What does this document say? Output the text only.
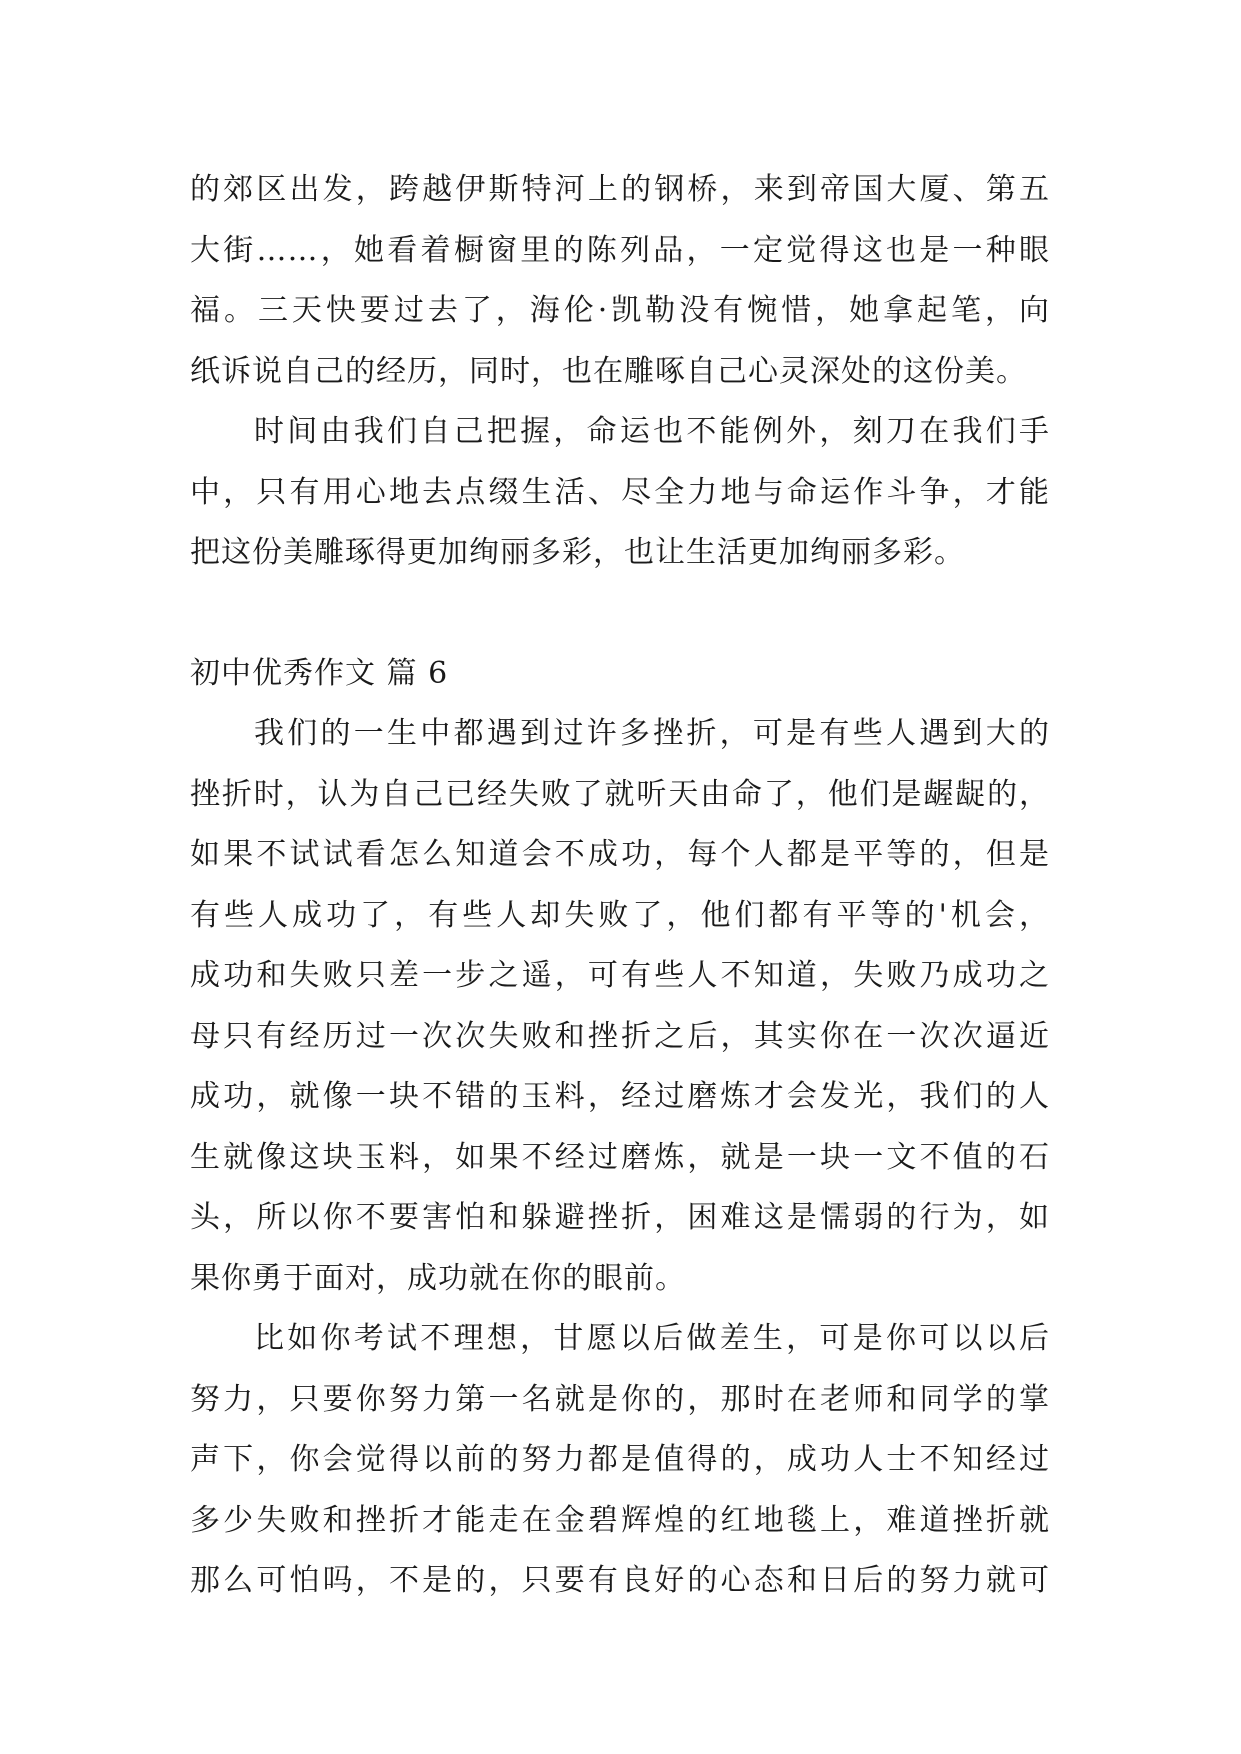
的郊区出发，跨越伊斯特河上的钢桥，来到帝国大厦、第五
大街……，她看着橱窗里的陈列品，一定觉得这也是一种眼
福。三天快要过去了，海伦·凯勒没有惋惜，她拿起笔，向
纸诉说自己的经历，同时，也在雕啄自己心灵深处的这份美。
时间由我们自己把握，命运也不能例外，刻刀在我们手
中，只有用心地去点缀生活、尽全力地与命运作斗争，才能
把这份美雕琢得更加绚丽多彩，也让生活更加绚丽多彩。
初中优秀作文 篇 6
我们的一生中都遇到过许多挫折，可是有些人遇到大的
挫折时，认为自己已经失败了就听天由命了，他们是龌龊的，
如果不试试看怎么知道会不成功，每个人都是平等的，但是
有些人成功了，有些人却失败了，他们都有平等的'机会，
成功和失败只差一步之遥，可有些人不知道，失败乃成功之
母只有经历过一次次失败和挫折之后，其实你在一次次逼近
成功，就像一块不错的玉料，经过磨炼才会发光，我们的人
生就像这块玉料，如果不经过磨炼，就是一块一文不值的石
头，所以你不要害怕和躲避挫折，困难这是懦弱的行为，如
果你勇于面对，成功就在你的眼前。
比如你考试不理想，甘愿以后做差生，可是你可以以后
努力，只要你努力第一名就是你的，那时在老师和同学的掌
声下，你会觉得以前的努力都是值得的，成功人士不知经过
多少失败和挫折才能走在金碧辉煌的红地毯上，难道挫折就
那么可怕吗，不是的，只要有良好的心态和日后的努力就可
